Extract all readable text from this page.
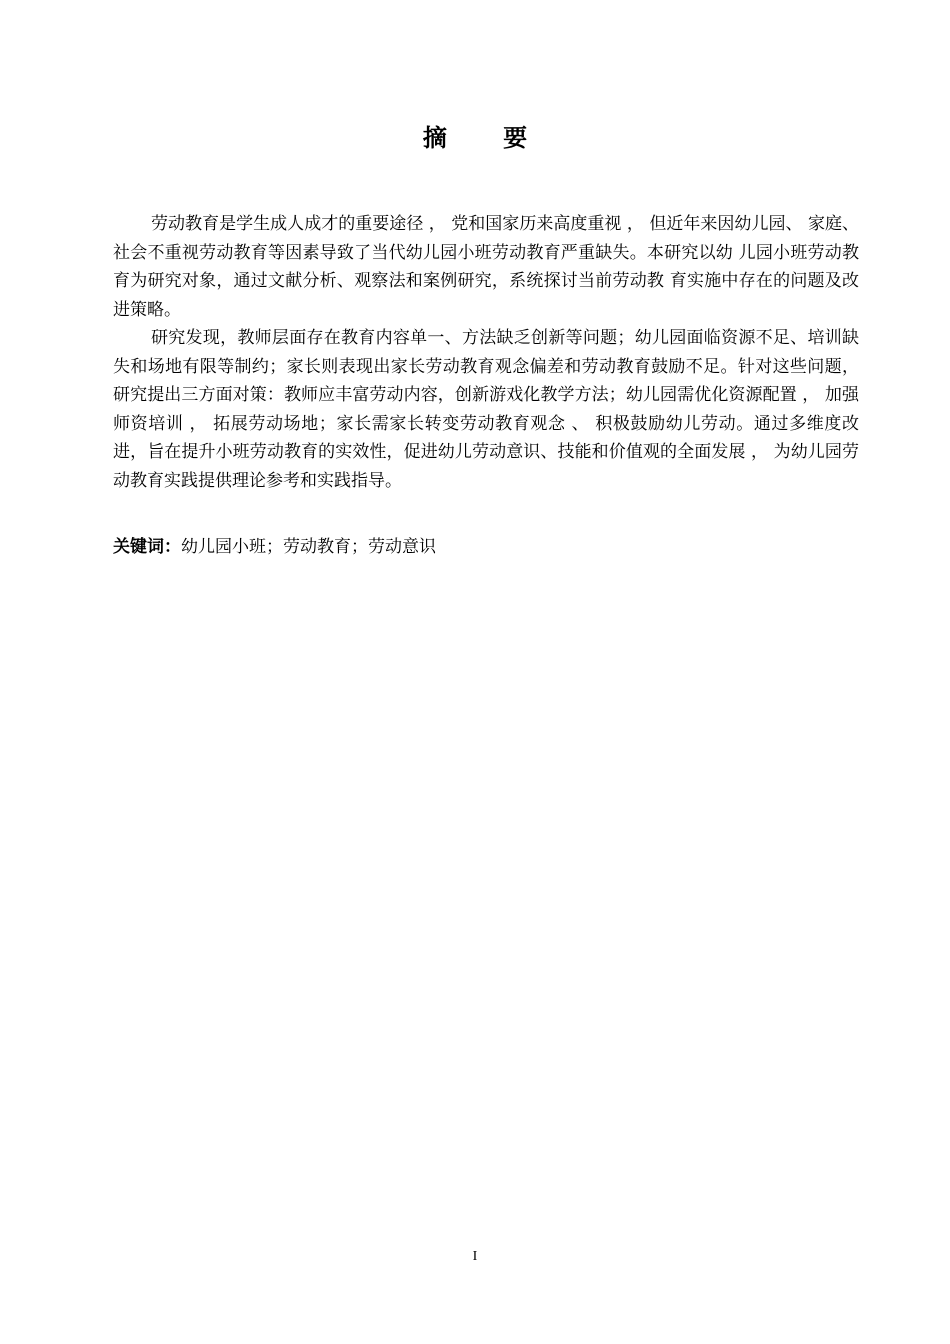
摘 要

劳动教育是学生成人成才的重要途径 ， 党和国家历来高度重视 ， 但近年来因幼儿园、 家庭、社会不重视劳动教育等因素导致了当代幼儿园小班劳动教育严重缺失。本研究以幼 儿园小班劳动教育为研究对象，通过文献分析、观察法和案例研究，系统探讨当前劳动教 育实施中存在的问题及改进策略。

研究发现，教师层面存在教育内容单一、方法缺乏创新等问题；幼儿园面临资源不足、培训缺失和场地有限等制约；家长则表现出家长劳动教育观念偏差和劳动教育鼓励不足。针对这些问题，研究提出三方面对策：教师应丰富劳动内容，创新游戏化教学方法；幼儿园需优化资源配置 ， 加强师资培训 ， 拓展劳动场地；家长需家长转变劳动教育观念 、 积极鼓励幼儿劳动。通过多维度改进，旨在提升小班劳动教育的实效性，促进幼儿劳动意识、技能和价值观的全面发展 ， 为幼儿园劳动教育实践提供理论参考和实践指导。

关键词：幼儿园小班；劳动教育；劳动意识
I
